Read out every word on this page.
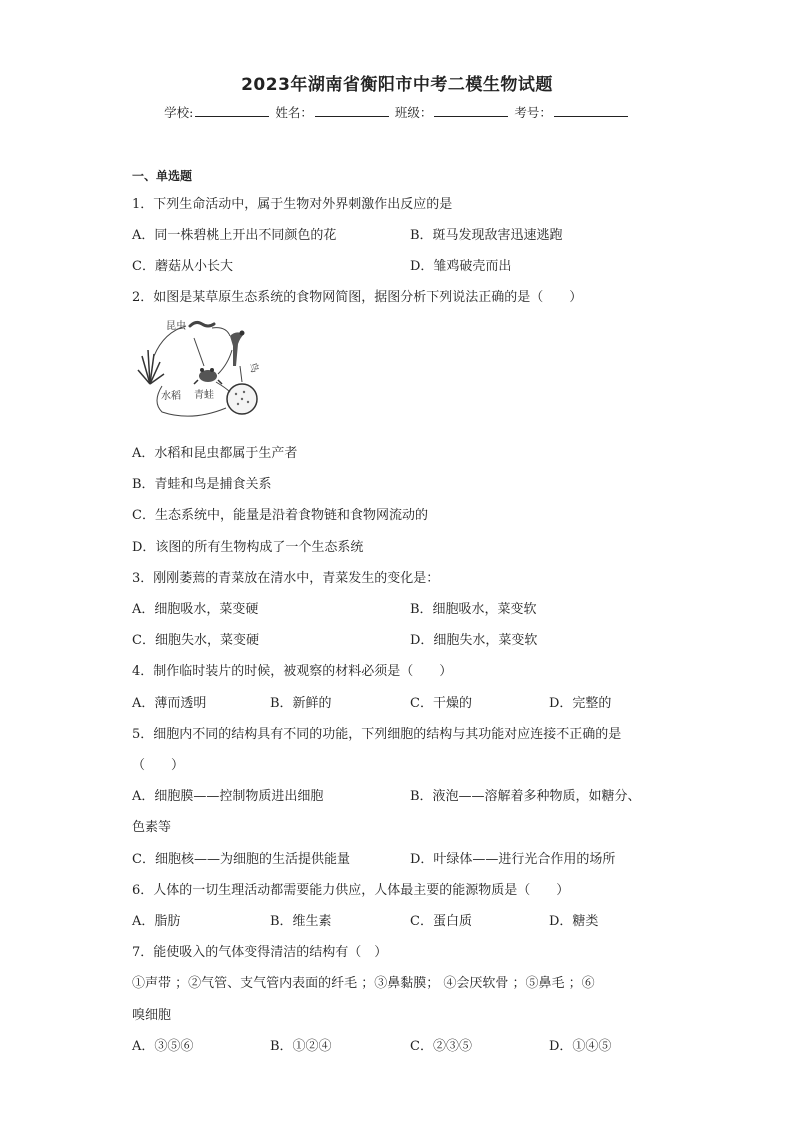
2023年湖南省衡阳市中考二模生物试题
学校:	姓名：	班级：	考号：
一、单选题
1．下列生命活动中，属于生物对外界刺激作出反应的是
A．同一株碧桃上开出不同颜色的花	B．斑马发现敌害迅速逃跑
C．蘑菇从小长大	D．雏鸡破壳而出
2．如图是某草原生态系统的食物网简图，据图分析下列说法正确的是（　　）
昆虫
鸟
水稻 青蛙
A．水稻和昆虫都属于生产者
B．青蛙和鸟是捕食关系
C．生态系统中，能量是沿着食物链和食物网流动的
D．该图的所有生物构成了一个生态系统
3．刚刚萎蔫的青菜放在清水中，青菜发生的变化是：
A．细胞吸水，菜变硬	B．细胞吸水，菜变软
C．细胞失水，菜变硬	D．细胞失水，菜变软
4．制作临时装片的时候，被观察的材料必须是（　　）
A．薄而透明	B．新鲜的	C．干燥的	D．完整的
5．细胞内不同的结构具有不同的功能，下列细胞的结构与其功能对应连接不正确的是
（　　）
A．细胞膜——控制物质进出细胞	B．液泡——溶解着多种物质，如糖分、
色素等
C．细胞核——为细胞的生活提供能量	D．叶绿体——进行光合作用的场所
6．人体的一切生理活动都需要能力供应，人体最主要的能源物质是（　　）
A．脂肪	B．维生素	C．蛋白质	D．糖类
7．能使吸入的气体变得清洁的结构有（　）
①声带 ；②气管、支气管内表面的纤毛 ；③鼻黏膜； ④会厌软骨 ；⑤鼻毛 ；⑥
嗅细胞
A．③⑤⑥	B．①②④	C．②③⑤	D．①④⑤
